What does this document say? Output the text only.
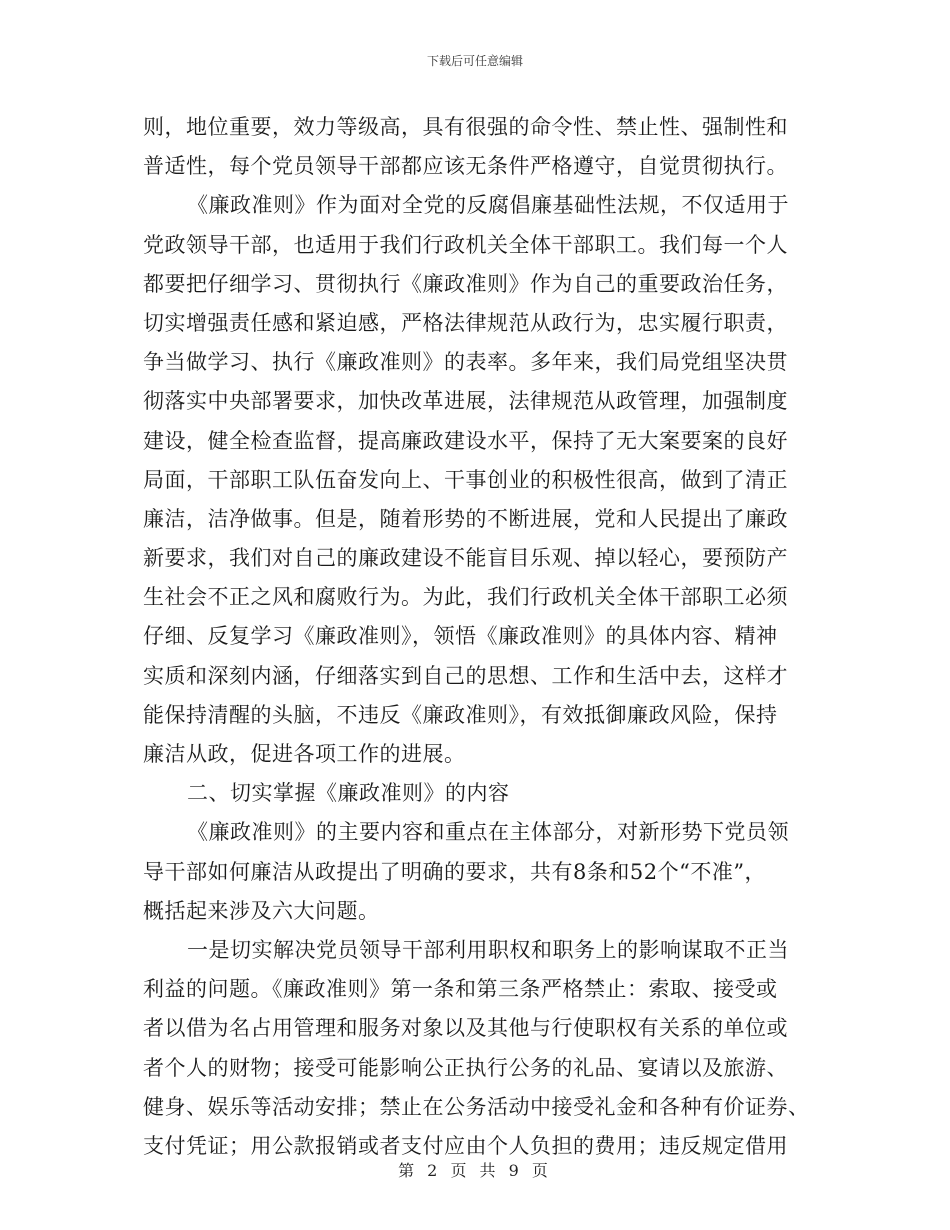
下载后可任意编辑
则，地位重要，效力等级高，具有很强的命令性、禁止性、强制性和
普适性，每个党员领导干部都应该无条件严格遵守，自觉贯彻执行。
《廉政准则》作为面对全党的反腐倡廉基础性法规，不仅适用于
党政领导干部，也适用于我们行政机关全体干部职工。我们每一个人
都要把仔细学习、贯彻执行《廉政准则》作为自己的重要政治任务，
切实增强责任感和紧迫感，严格法律规范从政行为，忠实履行职责，
争当做学习、执行《廉政准则》的表率。多年来，我们局党组坚决贯
彻落实中央部署要求，加快改革进展，法律规范从政管理，加强制度
建设，健全检查监督，提高廉政建设水平，保持了无大案要案的良好
局面，干部职工队伍奋发向上、干事创业的积极性很高，做到了清正
廉洁，洁净做事。但是，随着形势的不断进展，党和人民提出了廉政
新要求，我们对自己的廉政建设不能盲目乐观、掉以轻心，要预防产
生社会不正之风和腐败行为。为此，我们行政机关全体干部职工必须
仔细、反复学习《廉政准则》，领悟《廉政准则》的具体内容、精神
实质和深刻内涵，仔细落实到自己的思想、工作和生活中去，这样才
能保持清醒的头脑，不违反《廉政准则》，有效抵御廉政风险，保持
廉洁从政，促进各项工作的进展。
二、切实掌握《廉政准则》的内容
《廉政准则》的主要内容和重点在主体部分，对新形势下党员领
导干部如何廉洁从政提出了明确的要求，共有8条和52个“不准”，
概括起来涉及六大问题。
一是切实解决党员领导干部利用职权和职务上的影响谋取不正当
利益的问题。《廉政准则》第一条和第三条严格禁止：索取、接受或
者以借为名占用管理和服务对象以及其他与行使职权有关系的单位或
者个人的财物；接受可能影响公正执行公务的礼品、宴请以及旅游、
健身、娱乐等活动安排；禁止在公务活动中接受礼金和各种有价证券、
支付凭证；用公款报销或者支付应由个人负担的费用；违反规定借用
第 2 页 共 9 页
